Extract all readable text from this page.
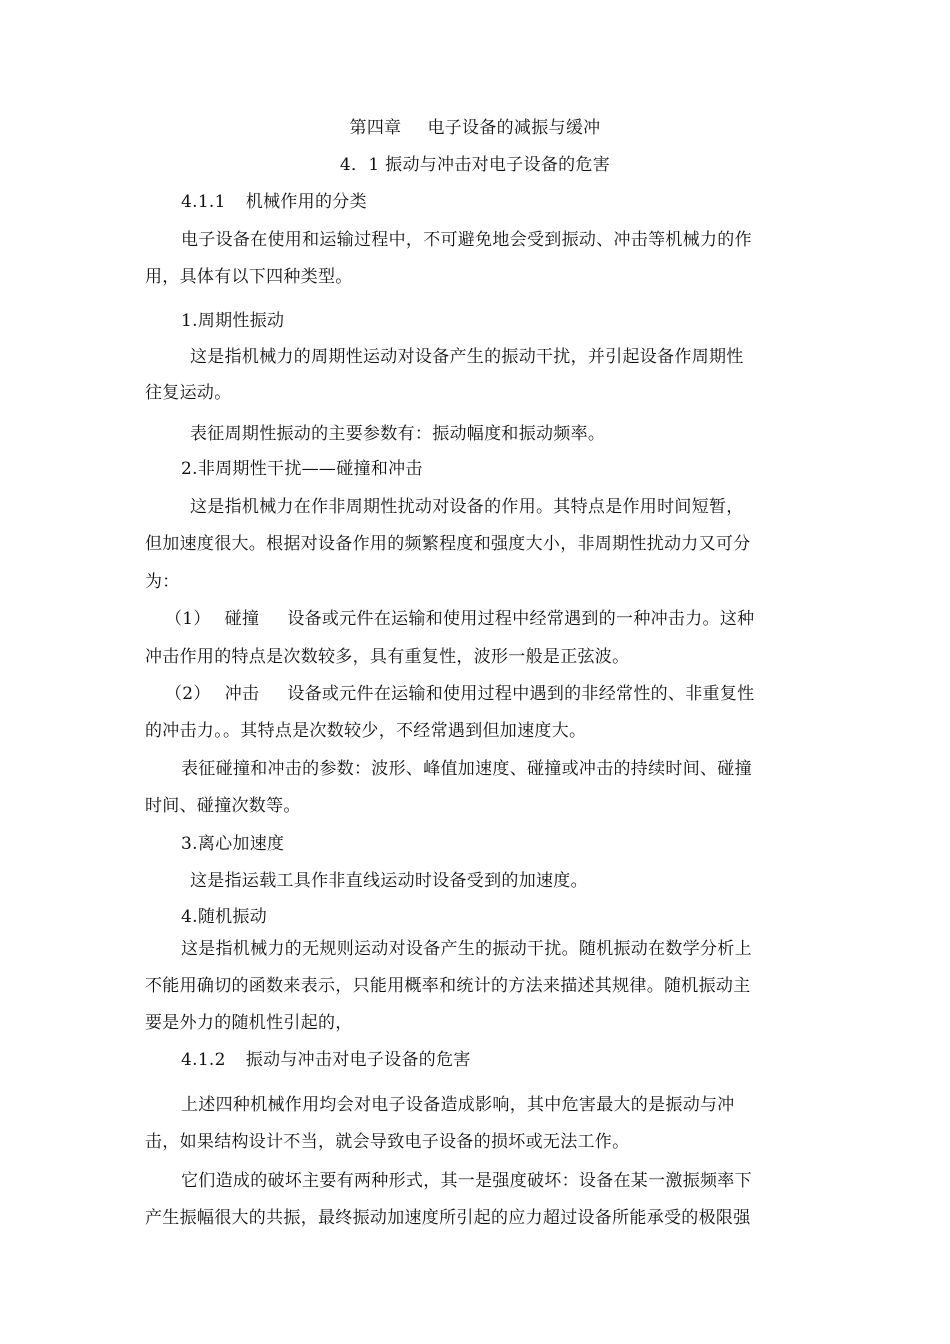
第四章 电子设备的减振与缓冲

4．1 振动与冲击对电子设备的危害

4.1.1 机械作用的分类

电子设备在使用和运输过程中，不可避免地会受到振动、冲击等机械力的作

用，具体有以下四种类型。

1.周期性振动

这是指机械力的周期性运动对设备产生的振动干扰，并引起设备作周期性

往复运动。

表征周期性振动的主要参数有：振动幅度和振动频率。

2.非周期性干扰——碰撞和冲击

这是指机械力在作非周期性扰动对设备的作用。其特点是作用时间短暂，

但加速度很大。根据对设备作用的频繁程度和强度大小，非周期性扰动力又可分

为：

（1） 碰撞 设备或元件在运输和使用过程中经常遇到的一种冲击力。这种

冲击作用的特点是次数较多，具有重复性，波形一般是正弦波。

（2） 冲击 设备或元件在运输和使用过程中遇到的非经常性的、非重复性

的冲击力。。其特点是次数较少，不经常遇到但加速度大。

表征碰撞和冲击的参数：波形、峰值加速度、碰撞或冲击的持续时间、碰撞

时间、碰撞次数等。

3.离心加速度

这是指运载工具作非直线运动时设备受到的加速度。

4.随机振动

这是指机械力的无规则运动对设备产生的振动干扰。随机振动在数学分析上

不能用确切的函数来表示，只能用概率和统计的方法来描述其规律。随机振动主

要是外力的随机性引起的，

4.1.2 振动与冲击对电子设备的危害

上述四种机械作用均会对电子设备造成影响，其中危害最大的是振动与冲

击，如果结构设计不当，就会导致电子设备的损坏或无法工作。

它们造成的破坏主要有两种形式，其一是强度破坏：设备在某一激振频率下

产生振幅很大的共振，最终振动加速度所引起的应力超过设备所能承受的极限强
